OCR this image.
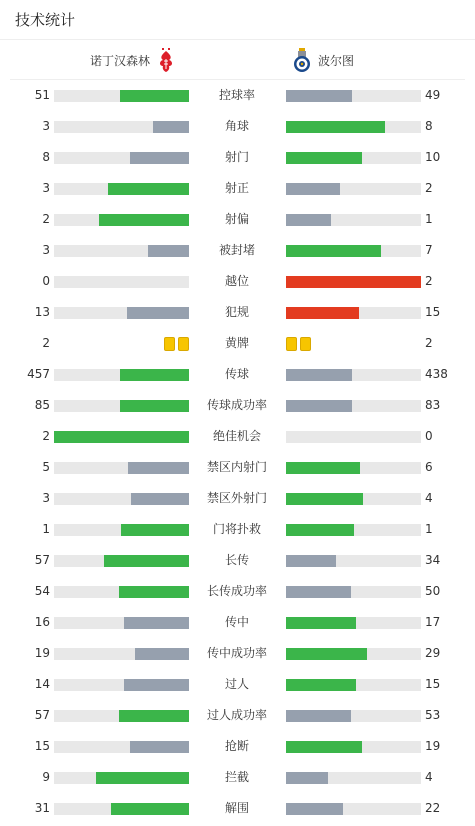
技术统计
诺丁汉森林	波尔图
51	控球率	49
3	角球	8
8	射门	10
3	射正	2
2	射偏	1
3	被封堵	7
0	越位	2
13	犯规	15
2	黄牌	2
457	传球	438
85	传球成功率	83
2	绝佳机会	0
5	禁区内射门	6
3	禁区外射门	4
1	门将扑救	1
57	长传	34
54	长传成功率	50
16	传中	17
19	传中成功率	29
14	过人	15
57	过人成功率	53
15	抢断	19
9	拦截	4
31	解围	22
